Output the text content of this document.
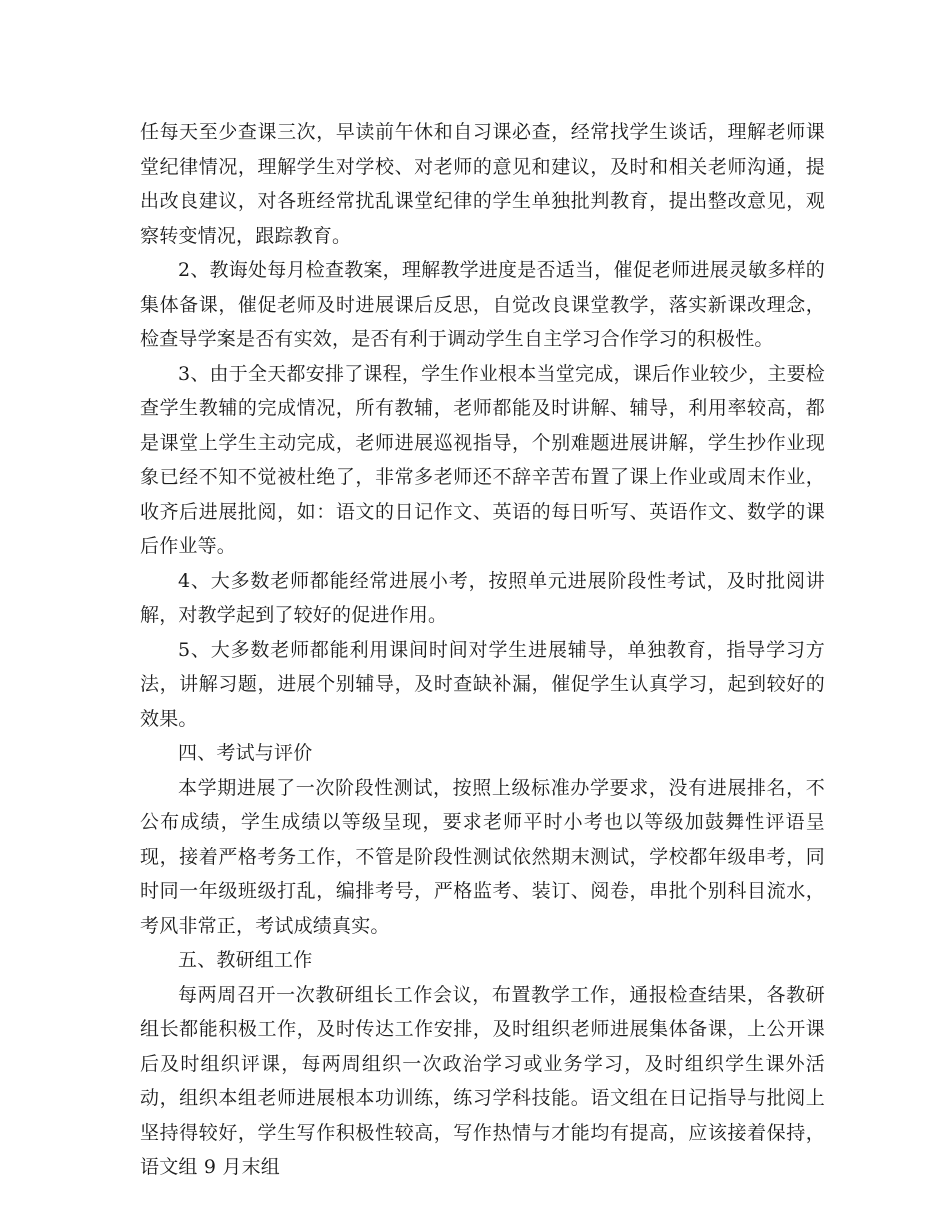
任每天至少查课三次，早读前午休和自习课必查，经常找学生谈话，理解老师课堂纪律情况，理解学生对学校、对老师的意见和建议，及时和相关老师沟通，提出改良建议，对各班经常扰乱课堂纪律的学生单独批判教育，提出整改意见，观察转变情况，跟踪教育。

2、教诲处每月检查教案，理解教学进度是否适当，催促老师进展灵敏多样的集体备课，催促老师及时进展课后反思，自觉改良课堂教学，落实新课改理念，检查导学案是否有实效，是否有利于调动学生自主学习合作学习的积极性。

3、由于全天都安排了课程，学生作业根本当堂完成，课后作业较少，主要检查学生教辅的完成情况，所有教辅，老师都能及时讲解、辅导，利用率较高，都是课堂上学生主动完成，老师进展巡视指导，个别难题进展讲解，学生抄作业现象已经不知不觉被杜绝了，非常多老师还不辞辛苦布置了课上作业或周末作业，收齐后进展批阅，如：语文的日记作文、英语的每日听写、英语作文、数学的课后作业等。

4、大多数老师都能经常进展小考，按照单元进展阶段性考试，及时批阅讲解，对教学起到了较好的促进作用。

5、大多数老师都能利用课间时间对学生进展辅导，单独教育，指导学习方法，讲解习题，进展个别辅导，及时查缺补漏，催促学生认真学习，起到较好的效果。

四、考试与评价

本学期进展了一次阶段性测试，按照上级标准办学要求，没有进展排名，不公布成绩，学生成绩以等级呈现，要求老师平时小考也以等级加鼓舞性评语呈现，接着严格考务工作，不管是阶段性测试依然期末测试，学校都年级串考，同时同一年级班级打乱，编排考号，严格监考、装订、阅卷，串批个别科目流水，考风非常正，考试成绩真实。

五、教研组工作

每两周召开一次教研组长工作会议，布置教学工作，通报检查结果，各教研组长都能积极工作，及时传达工作安排，及时组织老师进展集体备课，上公开课后及时组织评课，每两周组织一次政治学习或业务学习，及时组织学生课外活动，组织本组老师进展根本功训练，练习学科技能。语文组在日记指导与批阅上坚持得较好，学生写作积极性较高，写作热情与才能均有提高，应该接着保持，语文组 9 月末组
